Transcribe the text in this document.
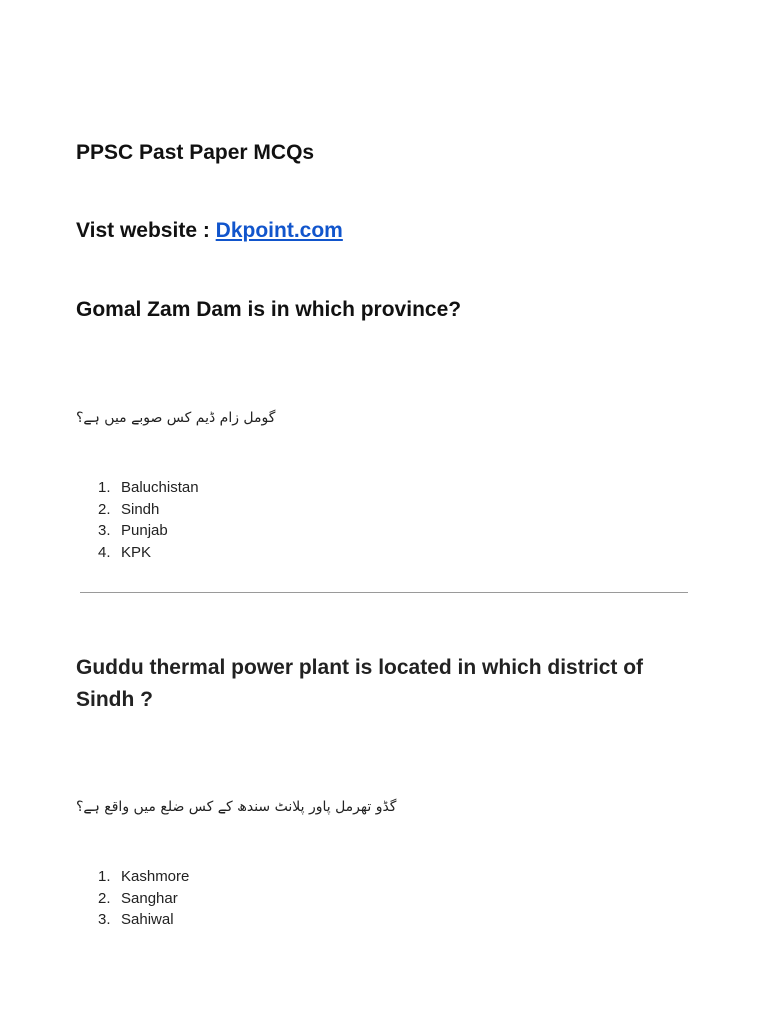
PPSC Past Paper MCQs
Vist website : Dkpoint.com
Gomal Zam Dam is in which province?

گومل زام ڈیم کس صوبے میں ہے؟

1. Baluchistan
2. Sindh
3. Punjab
4. KPK
Guddu thermal power plant is located in which district of Sindh ?

گڈو تھرمل پاور پلانٹ سندھ کے کس ضلع میں واقع ہے؟

1. Kashmore
2. Sanghar
3. Sahiwal
